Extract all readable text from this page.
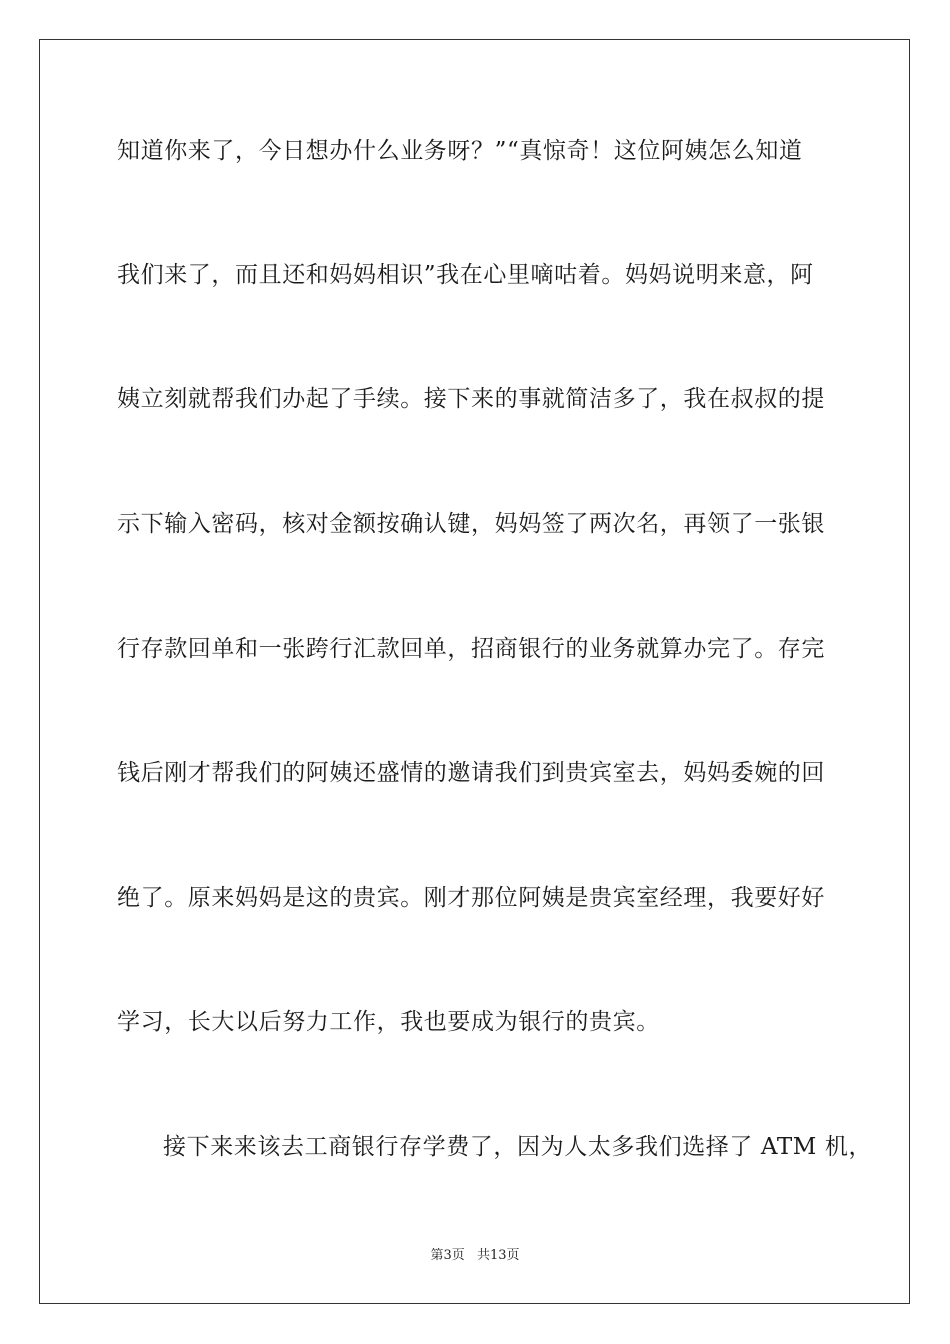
知道你来了，今日想办什么业务呀？”“真惊奇！这位阿姨怎么知道
我们来了，而且还和妈妈相识”我在心里嘀咕着。妈妈说明来意，阿
姨立刻就帮我们办起了手续。接下来的事就简洁多了，我在叔叔的提
示下输入密码，核对金额按确认键，妈妈签了两次名，再领了一张银
行存款回单和一张跨行汇款回单，招商银行的业务就算办完了。存完
钱后刚才帮我们的阿姨还盛情的邀请我们到贵宾室去，妈妈委婉的回
绝了。原来妈妈是这的贵宾。刚才那位阿姨是贵宾室经理，我要好好
学习，长大以后努力工作，我也要成为银行的贵宾。
接下来来该去工商银行存学费了，因为人太多我们选择了 ATM 机，
第3页 共13页
